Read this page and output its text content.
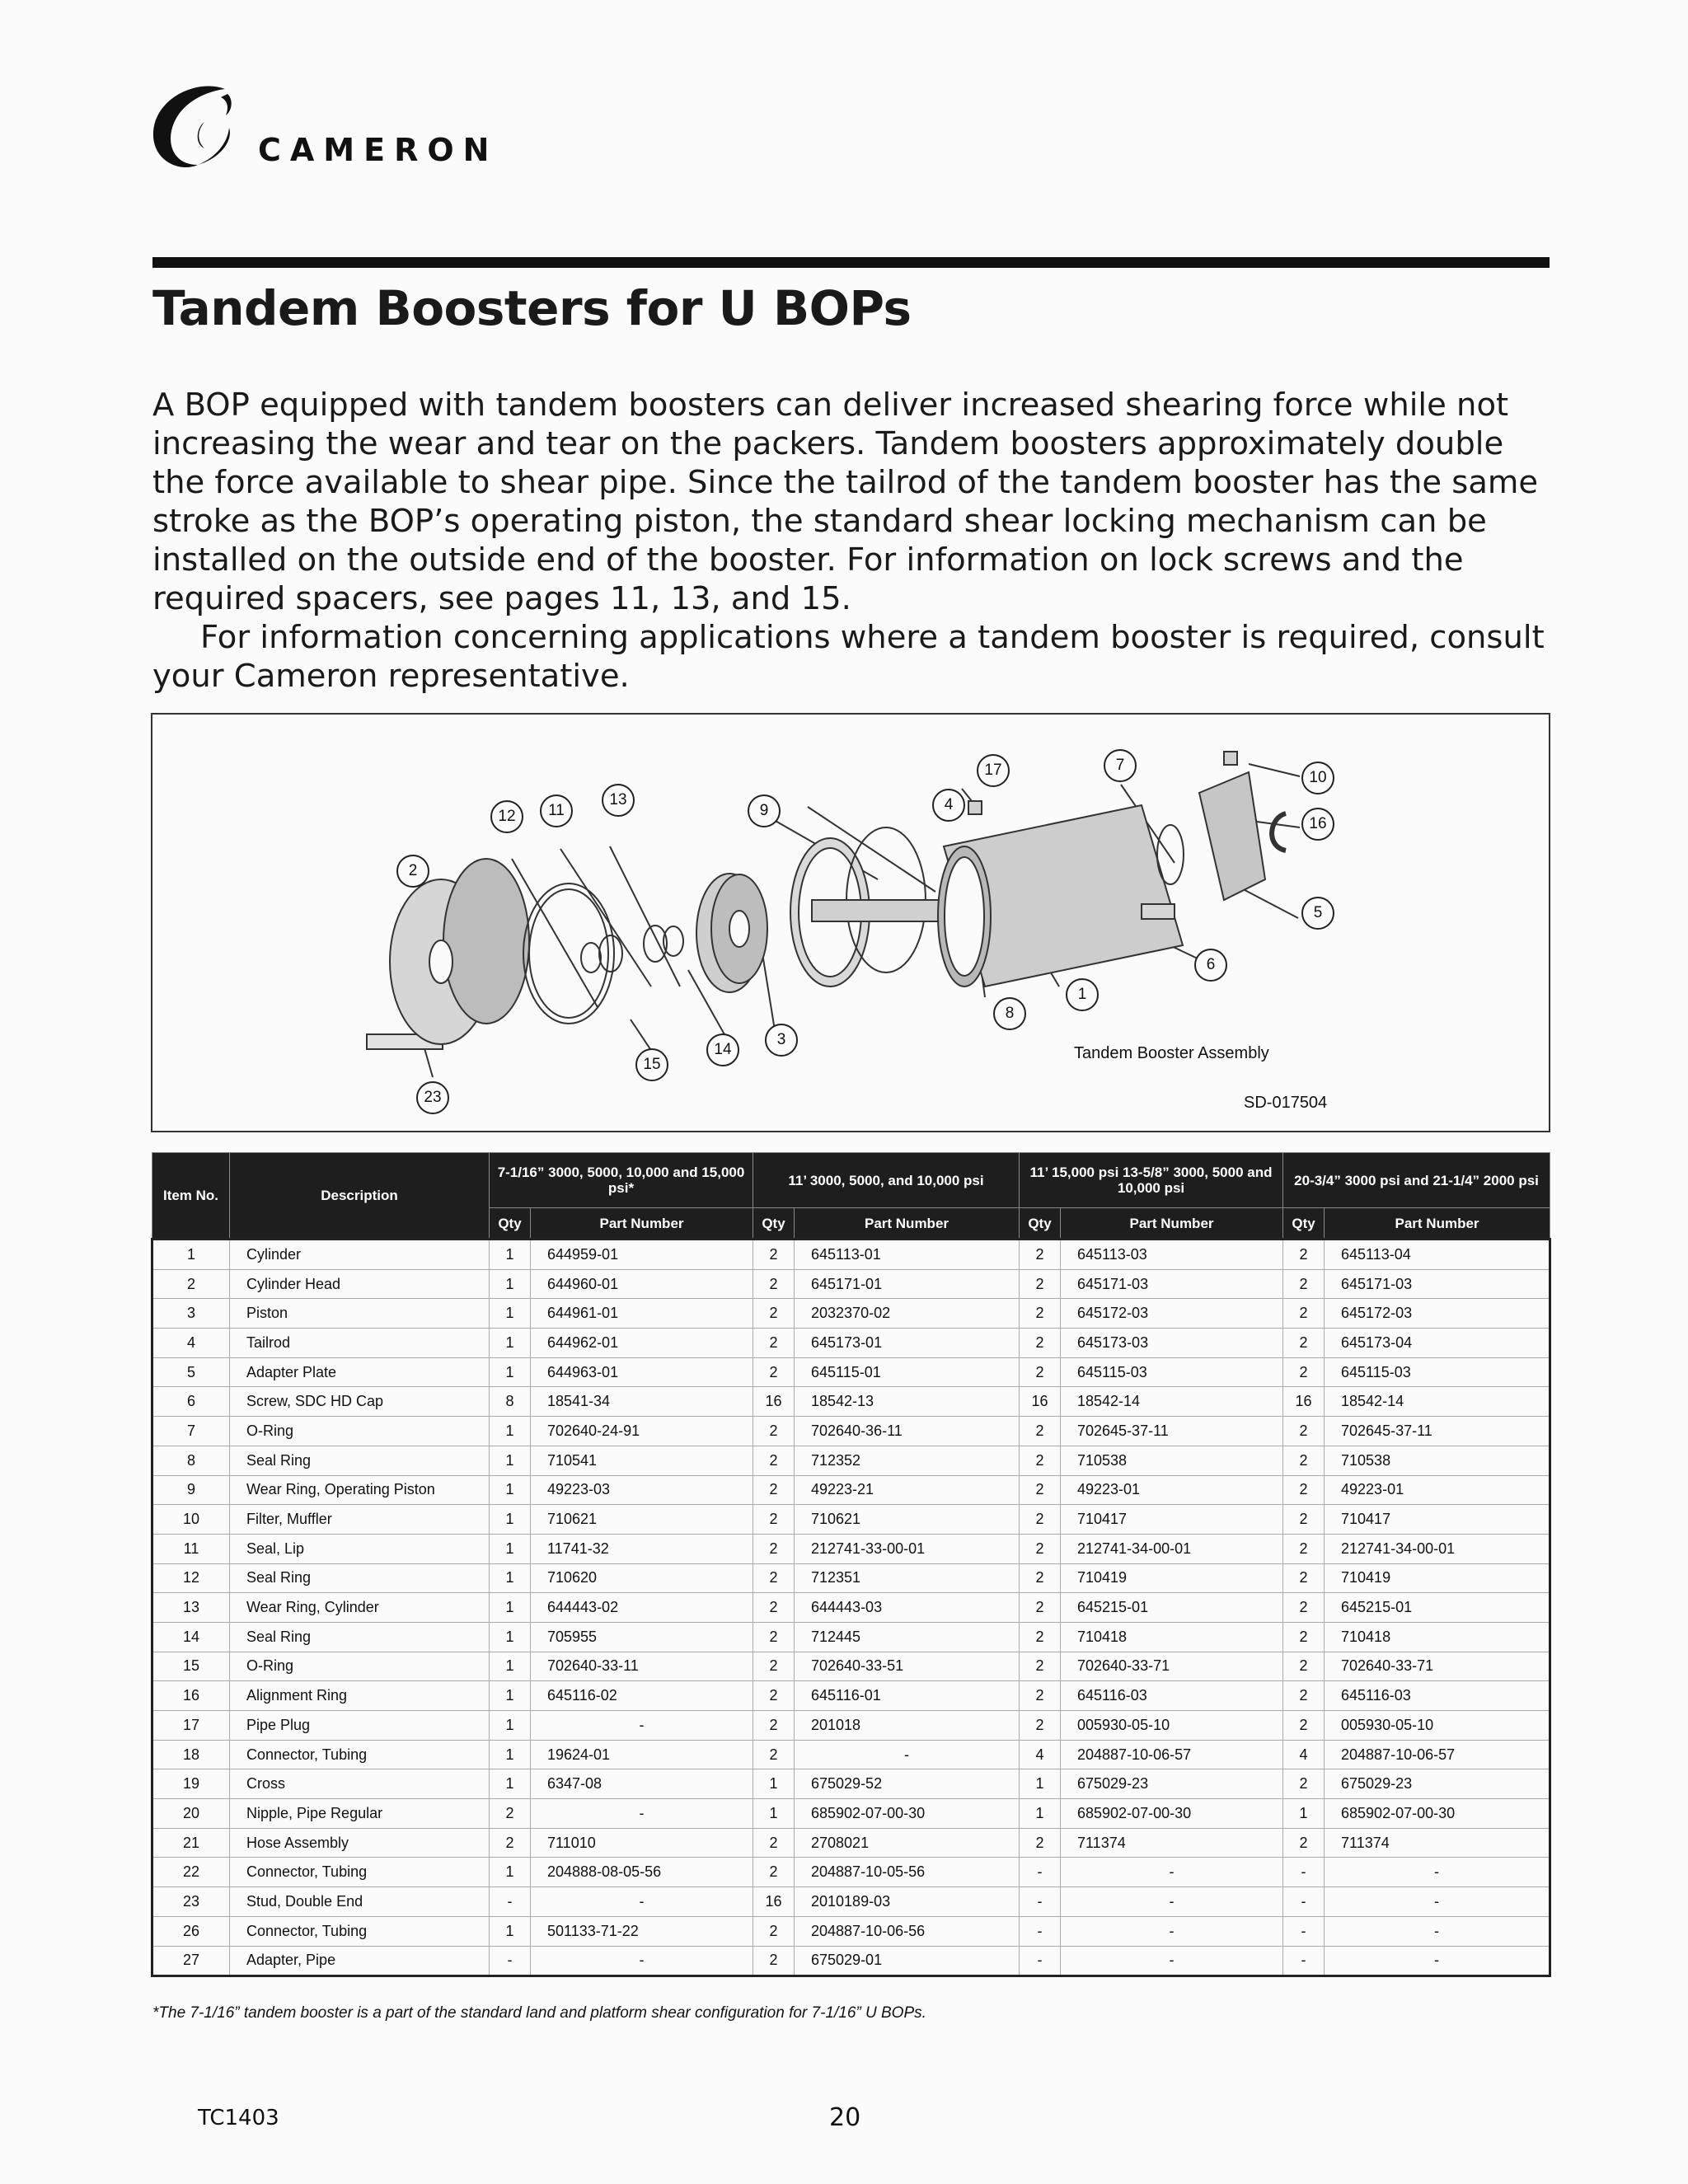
CAMERON
Tandem Boosters for U BOPs

A BOP equipped with tandem boosters can deliver increased shearing force while not increasing the wear and tear on the packers. Tandem boosters approximately double the force available to shear pipe. Since the tailrod of the tandem booster has the same stroke as the BOP’s operating piston, the standard shear locking mechanism can be installed on the outside end of the booster. For information on lock screws and the required spacers, see pages 11, 13, and 15.

For information concerning applications where a tandem booster is required, consult your Cameron representative.

17	7
10
16
5
6
1
4
9
8
13
11
12
2
3
14
15
23
Tandem Booster Assembly
SD-017504
Item No.	Description	7-1/16” 3000, 5000, 10,000 and 15,000 psi*		11’ 3000, 5000, and 10,000 psi		11’ 15,000 psi 13-5/8” 3000, 5000 and 10,000 psi		20-3/4” 3000 psi and 21-1/4” 2000 psi	
		Qty	Part Number	Qty	Part Number	Qty	Part Number	Qty	Part Number
1	Cylinder	1	644959-01	2	645113-01	2	645113-03	2	645113-04
2	Cylinder Head	1	644960-01	2	645171-01	2	645171-03	2	645171-03
3	Piston	1	644961-01	2	2032370-02	2	645172-03	2	645172-03
4	Tailrod	1	644962-01	2	645173-01	2	645173-03	2	645173-04
5	Adapter Plate	1	644963-01	2	645115-01	2	645115-03	2	645115-03
6	Screw, SDC HD Cap	8	18541-34	16	18542-13	16	18542-14	16	18542-14
7	O-Ring	1	702640-24-91	2	702640-36-11	2	702645-37-11	2	702645-37-11
8	Seal Ring	1	710541	2	712352	2	710538	2	710538
9	Wear Ring, Operating Piston	1	49223-03	2	49223-21	2	49223-01	2	49223-01
10	Filter, Muffler	1	710621	2	710621	2	710417	2	710417
11	Seal, Lip	1	11741-32	2	212741-33-00-01	2	212741-34-00-01	2	212741-34-00-01
12	Seal Ring	1	710620	2	712351	2	710419	2	710419
13	Wear Ring, Cylinder	1	644443-02	2	644443-03	2	645215-01	2	645215-01
14	Seal Ring	1	705955	2	712445	2	710418	2	710418
15	O-Ring	1	702640-33-11	2	702640-33-51	2	702640-33-71	2	702640-33-71
16	Alignment Ring	1	645116-02	2	645116-01	2	645116-03	2	645116-03
17	Pipe Plug	1	-	2	201018	2	005930-05-10	2	005930-05-10
18	Connector, Tubing	1	19624-01	2	-	4	204887-10-06-57	4	204887-10-06-57
19	Cross	1	6347-08	1	675029-52	1	675029-23	2	675029-23
20	Nipple, Pipe Regular	2	-	1	685902-07-00-30	1	685902-07-00-30	1	685902-07-00-30
21	Hose Assembly	2	711010	2	2708021	2	711374	2	711374
22	Connector, Tubing	1	204888-08-05-56	2	204887-10-05-56	-	-	-	-
23	Stud, Double End	-	-	16	2010189-03	-	-	-	-
26	Connector, Tubing	1	501133-71-22	2	204887-10-06-56	-	-	-	-
27	Adapter, Pipe	-	-	2	675029-01	-	-	-	-
*The 7-1/16” tandem booster is a part of the standard land and platform shear configuration for 7-1/16” U BOPs.
TC1403	20
